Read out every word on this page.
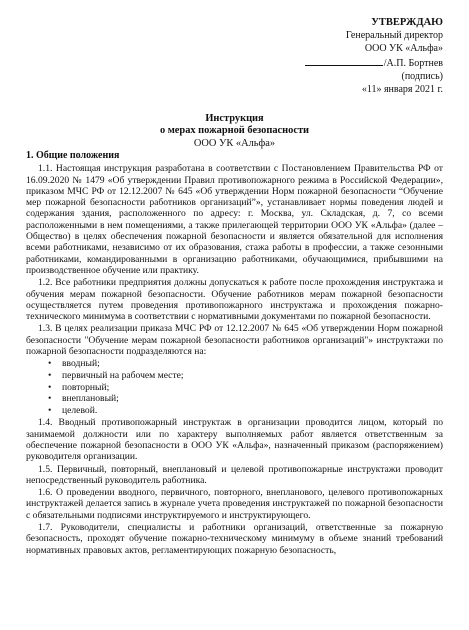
УТВЕРЖДАЮ
Генеральный директор
ООО УК «Альфа»
/А.П. Бортнев
(подпись)
«11» января 2021 г.
Инструкция
о мерах пожарной безопасности
ООО УК «Альфа»
1. Общие положения

1.1. Настоящая инструкция разработана в соответствии с Постановлением Правительства РФ от 16.09.2020 № 1479 «Об утверждении Правил противопожарного режима в Российской Федерации», приказом МЧС РФ от 12.12.2007 № 645 «Об утверждении Норм пожарной безопасности “Обучение мер пожарной безопасности работников организаций”», устанавливает нормы поведения людей и содержания здания, расположенного по адресу: г. Москва, ул. Складская, д. 7, со всеми расположенными в нем помещениями, а также прилегающей территории ООО УК «Альфа» (далее – Общество) в целях обеспечения пожарной безопасности и является обязательной для исполнения всеми работниками, независимо от их образования, стажа работы в профессии, а также сезонными работниками, командированными в организацию работниками, обучающимися, прибывшими на производственное обучение или практику.

1.2. Все работники предприятия должны допускаться к работе после прохождения инструктажа и обучения мерам пожарной безопасности. Обучение работников мерам пожарной безопасности осуществляется путем проведения противопожарного инструктажа и прохождения пожарно-технического минимума в соответствии с нормативными документами по пожарной безопасности.

1.3. В целях реализации приказа МЧС РФ от 12.12.2007 № 645 «Об утверждении Норм пожарной безопасности "Обучение мерам пожарной безопасности работников организаций"» инструктажи по пожарной безопасности подразделяются на:

• вводный;
• первичный на рабочем месте;
• повторный;
• внеплановый;
• целевой.

1.4. Вводный противопожарный инструктаж в организации проводится лицом, который по занимаемой должности или по характеру выполняемых работ является ответственным за обеспечение пожарной безопасности в ООО УК «Альфа», назначенный приказом (распоряжением) руководителя организации.

1.5. Первичный, повторный, внеплановый и целевой противопожарные инструктажи проводит непосредственный руководитель работника.

1.6. О проведении вводного, первичного, повторного, внепланового, целевого противопожарных инструктажей делается запись в журнале учета проведения инструктажей по пожарной безопасности с обязательными подписями инструктируемого и инструктирующего.

1.7. Руководители, специалисты и работники организаций, ответственные за пожарную безопасность, проходят обучение пожарно-техническому минимуму в объеме знаний требований нормативных правовых актов, регламентирующих пожарную безопасность,
